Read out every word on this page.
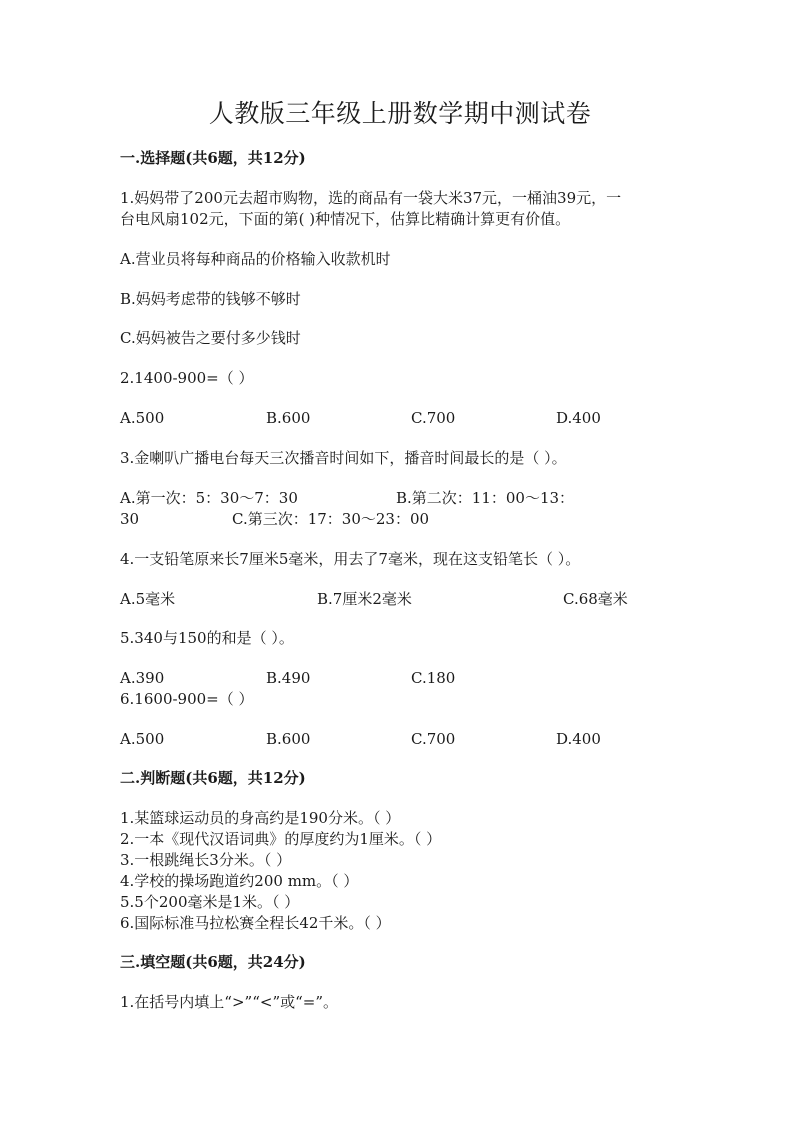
人教版三年级上册数学期中测试卷
一.选择题(共6题，共12分)
1.妈妈带了200元去超市购物，选的商品有一袋大米37元，一桶油39元，一
台电风扇102元，下面的第( )种情况下，估算比精确计算更有价值。
A.营业员将每种商品的价格输入收款机时
B.妈妈考虑带的钱够不够时
C.妈妈被告之要付多少钱时
2.1400-900=（ ）
A.500	B.600	C.700	D.400
3.金喇叭广播电台每天三次播音时间如下，播音时间最长的是（ ）。
A.第一次：5：30～7：30	B.第二次：11：00～13：
30	C.第三次：17：30～23：00
4.一支铅笔原来长7厘米5毫米，用去了7毫米，现在这支铅笔长（ ）。
A.5毫米	B.7厘米2毫米	C.68毫米
5.340与150的和是（ ）。
A.390	B.490	C.180
6.1600-900=（ ）
A.500	B.600	C.700	D.400
二.判断题(共6题，共12分)
1.某篮球运动员的身高约是190分米。（ ）
2.一本《现代汉语词典》的厚度约为1厘米。（ ）
3.一根跳绳长3分米。（ ）
4.学校的操场跑道约200 mm。（ ）
5.5个200毫米是1米。（ ）
6.国际标准马拉松赛全程长42千米。（ ）
三.填空题(共6题，共24分)
1.在括号内填上“>”“<”或“=”。
